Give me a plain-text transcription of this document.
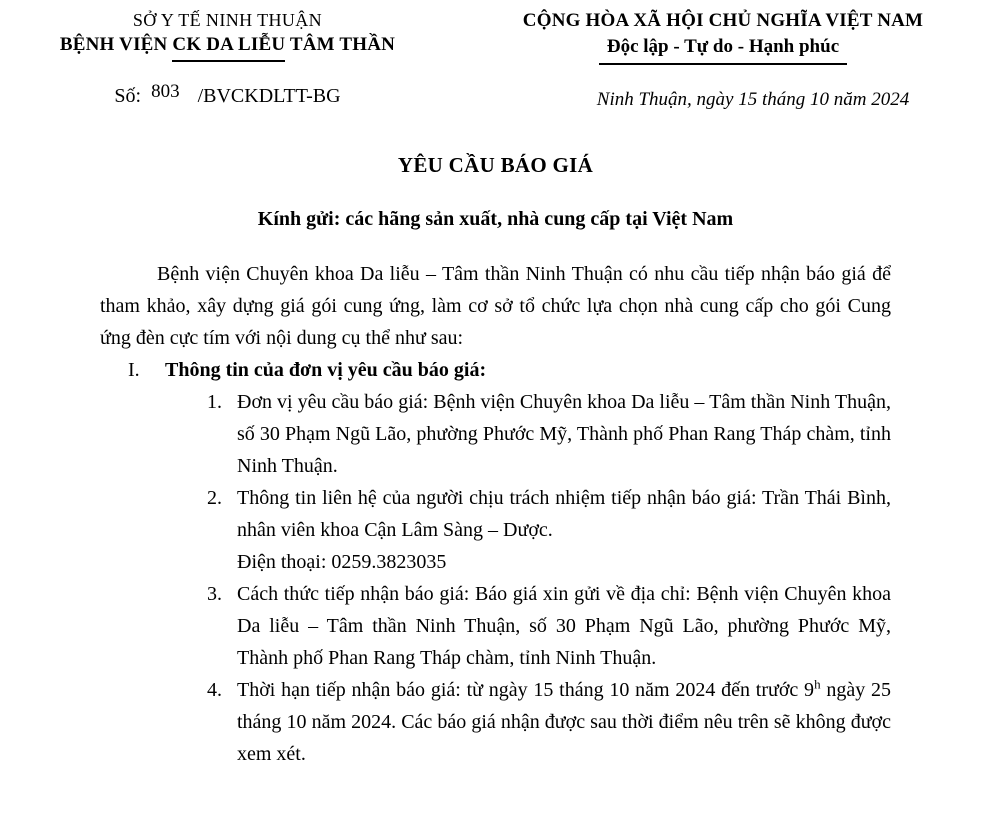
SỞ Y TẾ NINH THUẬN
BỆNH VIỆN CK DA LIỄU TÂM THẦN
Số: 803 /BVCKDLTT-BG
CỘNG HÒA XÃ HỘI CHỦ NGHĨA VIỆT NAM
Độc lập - Tự do - Hạnh phúc
Ninh Thuận, ngày 15 tháng 10 năm 2024
YÊU CẦU BÁO GIÁ
Kính gửi: các hãng sản xuất, nhà cung cấp tại Việt Nam
Bệnh viện Chuyên khoa Da liễu – Tâm thần Ninh Thuận có nhu cầu tiếp nhận báo giá để tham khảo, xây dựng giá gói cung ứng, làm cơ sở tổ chức lựa chọn nhà cung cấp cho gói Cung ứng đèn cực tím với nội dung cụ thể như sau:
I.	Thông tin của đơn vị yêu cầu báo giá:
1. Đơn vị yêu cầu báo giá: Bệnh viện Chuyên khoa Da liễu – Tâm thần Ninh Thuận, số 30 Phạm Ngũ Lão, phường Phước Mỹ, Thành phố Phan Rang Tháp chàm, tỉnh Ninh Thuận.
2. Thông tin liên hệ của người chịu trách nhiệm tiếp nhận báo giá: Trần Thái Bình, nhân viên khoa Cận Lâm Sàng – Dược.
Điện thoại: 0259.3823035
3. Cách thức tiếp nhận báo giá: Báo giá xin gửi về địa chỉ: Bệnh viện Chuyên khoa Da liễu – Tâm thần Ninh Thuận, số 30 Phạm Ngũ Lão, phường Phước Mỹ, Thành phố Phan Rang Tháp chàm, tỉnh Ninh Thuận.
4. Thời hạn tiếp nhận báo giá: từ ngày 15 tháng 10 năm 2024 đến trước 9$^h$ ngày 25 tháng 10 năm 2024. Các báo giá nhận được sau thời điểm nêu trên sẽ không được xem xét.
